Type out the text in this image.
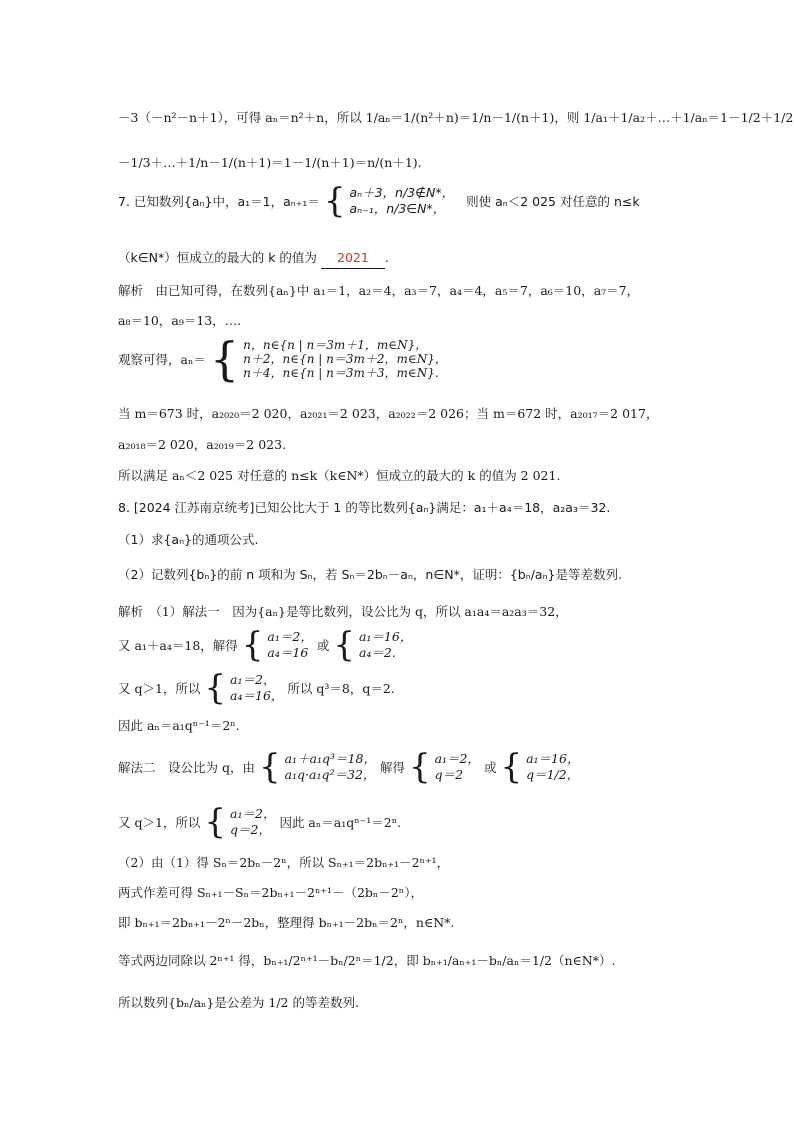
－3（－n²－n＋1），可得 aₙ＝n²＋n，所以 1/aₙ＝1/(n²＋n)＝1/n－1/(n＋1)，则 1/a₁＋1/a₂＋…＋1/aₙ＝1－1/2＋1/2
－1/3＋…＋1/n－1/(n＋1)＝1－1/(n＋1)＝n/(n＋1).
7. 已知数列{aₙ}中，a₁＝1，aₙ₊₁＝ { aₙ＋3，n/3∉N*，
aₙ₋₁，n/3∈N*， 则使 aₙ＜2 025 对任意的 n≤k
（k∈N*）恒成立的最大的 k 的值为 2021 .
解析　由已知可得，在数列{aₙ}中 a₁＝1，a₂＝4，a₃＝7，a₄＝4，a₅＝7，a₆＝10，a₇＝7，
a₈＝10，a₉＝13，….
观察可得，aₙ＝ { n，n∈{n | n＝3m＋1，m∈N}，
n＋2，n∈{n | n＝3m＋2，m∈N}，
n＋4，n∈{n | n＝3m＋3，m∈N}.
当 m＝673 时，a₂₀₂₀＝2 020，a₂₀₂₁＝2 023，a₂₀₂₂＝2 026；当 m＝672 时，a₂₀₁₇＝2 017，
a₂₀₁₈＝2 020，a₂₀₁₉＝2 023.
所以满足 aₙ＜2 025 对任意的 n≤k（k∈N*）恒成立的最大的 k 的值为 2 021.
8. [2024 江苏南京统考]已知公比大于 1 的等比数列{aₙ}满足：a₁＋a₄＝18，a₂a₃＝32.
（1）求{aₙ}的通项公式.
（2）记数列{bₙ}的前 n 项和为 Sₙ，若 Sₙ＝2bₙ－aₙ，n∈N*，证明：{bₙ/aₙ}是等差数列.
解析　（1）解法一　因为{aₙ}是等比数列，设公比为 q，所以 a₁a₄＝a₂a₃＝32，
又 a₁＋a₄＝18，解得 { a₁＝2，
a₄＝16 或 { a₁＝16，
a₄＝2.
又 q＞1，所以 { a₁＝2，
a₄＝16， 所以 q³＝8，q＝2.
因此 aₙ＝a₁qⁿ⁻¹＝2ⁿ.
解法二　设公比为 q，由 { a₁＋a₁q³＝18，
a₁q·a₁q²＝32， 解得 { a₁＝2，
q＝2 或 { a₁＝16，
q＝1/2，
又 q＞1，所以 { a₁＝2，
q＝2， 因此 aₙ＝a₁qⁿ⁻¹＝2ⁿ.
（2）由（1）得 Sₙ＝2bₙ－2ⁿ，所以 Sₙ₊₁＝2bₙ₊₁－2ⁿ⁺¹，
两式作差可得 Sₙ₊₁－Sₙ＝2bₙ₊₁－2ⁿ⁺¹－（2bₙ－2ⁿ），
即 bₙ₊₁＝2bₙ₊₁－2ⁿ－2bₙ，整理得 bₙ₊₁－2bₙ＝2ⁿ，n∈N*.
等式两边同除以 2ⁿ⁺¹ 得，bₙ₊₁/2ⁿ⁺¹－bₙ/2ⁿ＝1/2，即 bₙ₊₁/aₙ₊₁－bₙ/aₙ＝1/2（n∈N*）.
所以数列{bₙ/aₙ}是公差为 1/2 的等差数列.
